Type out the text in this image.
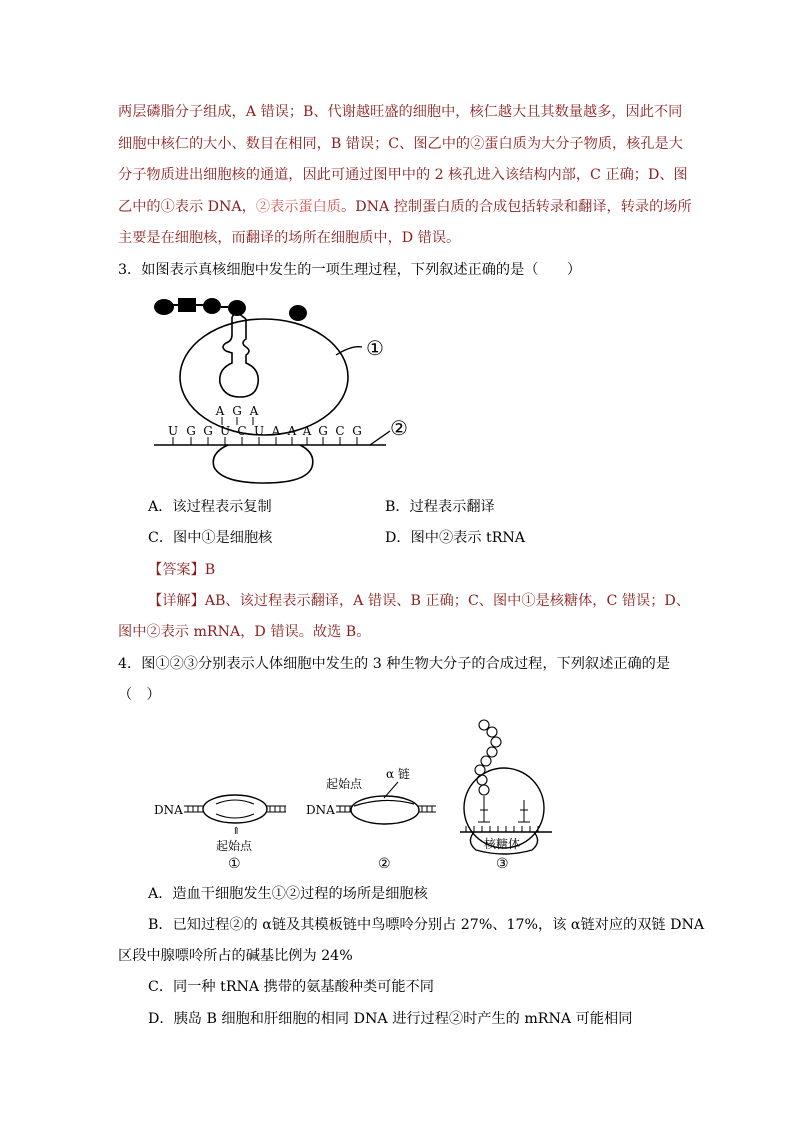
两层磷脂分子组成，A 错误；B、代谢越旺盛的细胞中，核仁越大且其数量越多，因此不同
细胞中核仁的大小、数目在相同，B 错误；C、图乙中的②蛋白质为大分子物质，核孔是大
分子物质进出细胞核的通道，因此可通过图甲中的 2 核孔进入该结构内部，C 正确；D、图
乙中的①表示 DNA，②表示蛋白质。DNA 控制蛋白质的合成包括转录和翻译，转录的场所
主要是在细胞核，而翻译的场所在细胞质中，D 错误。
3．如图表示真核细胞中发生的一项生理过程，下列叙述正确的是（　　）
A G A
①
U G G U C U A A A G C G ②
A．该过程表示复制	B．过程表示翻译
C．图中①是细胞核	D．图中②表示 tRNA
【答案】B
【详解】AB、该过程表示翻译，A 错误、B 正确；C、图中①是核糖体，C 错误；D、
图中②表示 mRNA，D 错误。故选 B。
4．图①②③分别表示人体细胞中发生的 3 种生物大分子的合成过程，下列叙述正确的是
（　）
DNA
⇑
起始点
①
起始点
α 链
DNA
②
核糖体
③
A．造血干细胞发生①②过程的场所是细胞核
B．已知过程②的 α链及其模板链中鸟嘌呤分别占 27%、17%，该 α链对应的双链 DNA
区段中腺嘌呤所占的碱基比例为 24%
C．同一种 tRNA 携带的氨基酸种类可能不同
D．胰岛 B 细胞和肝细胞的相同 DNA 进行过程②时产生的 mRNA 可能相同
